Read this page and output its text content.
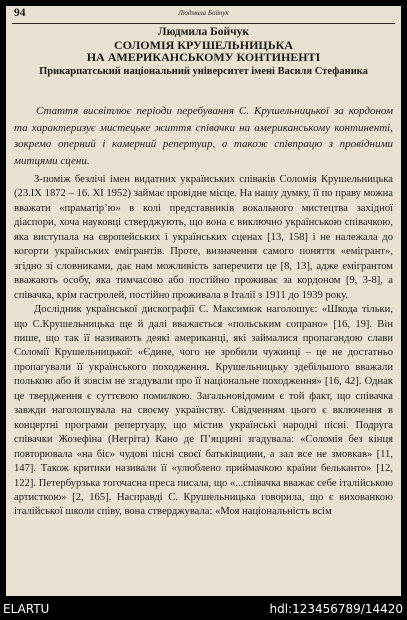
94	Людмила Бойчук
Людмила Бойчук
СОЛОМІЯ КРУШЕЛЬНИЦЬКА
НА АМЕРИКАНСЬКОМУ КОНТИНЕНТІ
Прикарпатський національний університет імені Василя Стефаника

Стаття висвітлює періоди перебування С. Крушельницької за кордоном та характеризує мистецьке життя співачки на американському континенті, зокрема оперний і камерний репертуар, а також співпрацю з провідними митцями сцени.

З-поміж безлічі імен видатних українських співаків Соломія Крушельницька (23.IX 1872 – 16. XI 1952) займає провідне місце. На нашу думку, її по праву можна вважати «праматір’ю» в колі представників вокального мистецтва західної діаспори, хоча науковці стверджують, що вона є виключно українською співачкою, яка виступала на європейських і українських сценах [13, 158] і не належала до когорти українських емігрантів. Проте, визначення самого поняття «емігрант», згідно зі словниками, дає нам можливість заперечити це [8, 13], адже емігрантом вважають особу, яка тимчасово або постійно проживає за кордоном [9, 3-8], а співачка, крім гастролей, постійно проживала в Італії з 1911 до 1939 року.

Дослідник української дискографії С. Максимюк наголошує: «Шкода тільки, що С.Крушельницька ще й далі вважається «польським сопрано» [16, 19]. Він пише, що так її називають деякі американці, які займалися пропагандою слави Соломії Крушельницької: «Єдине, чого не зробили чужинці – це не достатньо пропагували її українського походження. Крушельницьку здебільшого вважали полькою або й зовсім не згадували про її національне походження» [16, 42]. Однак це твердження є суттєвою помилкою. Загальновідомим є той факт, що співачка завжди наголошувала на своєму українству. Свідченням цього є включення в концертні програми репертуару, що містив українські народні пісні. Подруга співачки Жозефіна (Негріта) Кано де П’яццині згадувала: «Соломія без кінця повторювала «на біс» чудові пісні своєї батьківщини, а зал все не змовкав» [11, 147]. Також критики називали її «улюблено приймачкою країни бельканто» [12, 122]. Петербурзька тогочасна преса писала, що «...співачка вважає себе італійською артисткою» [2, 165]. Насправді С. Крушельницька говорила, що є вихованкою італійської школи співу, вона стверджувала: «Моя національність всім

ELARTU	hdl:123456789/14420
